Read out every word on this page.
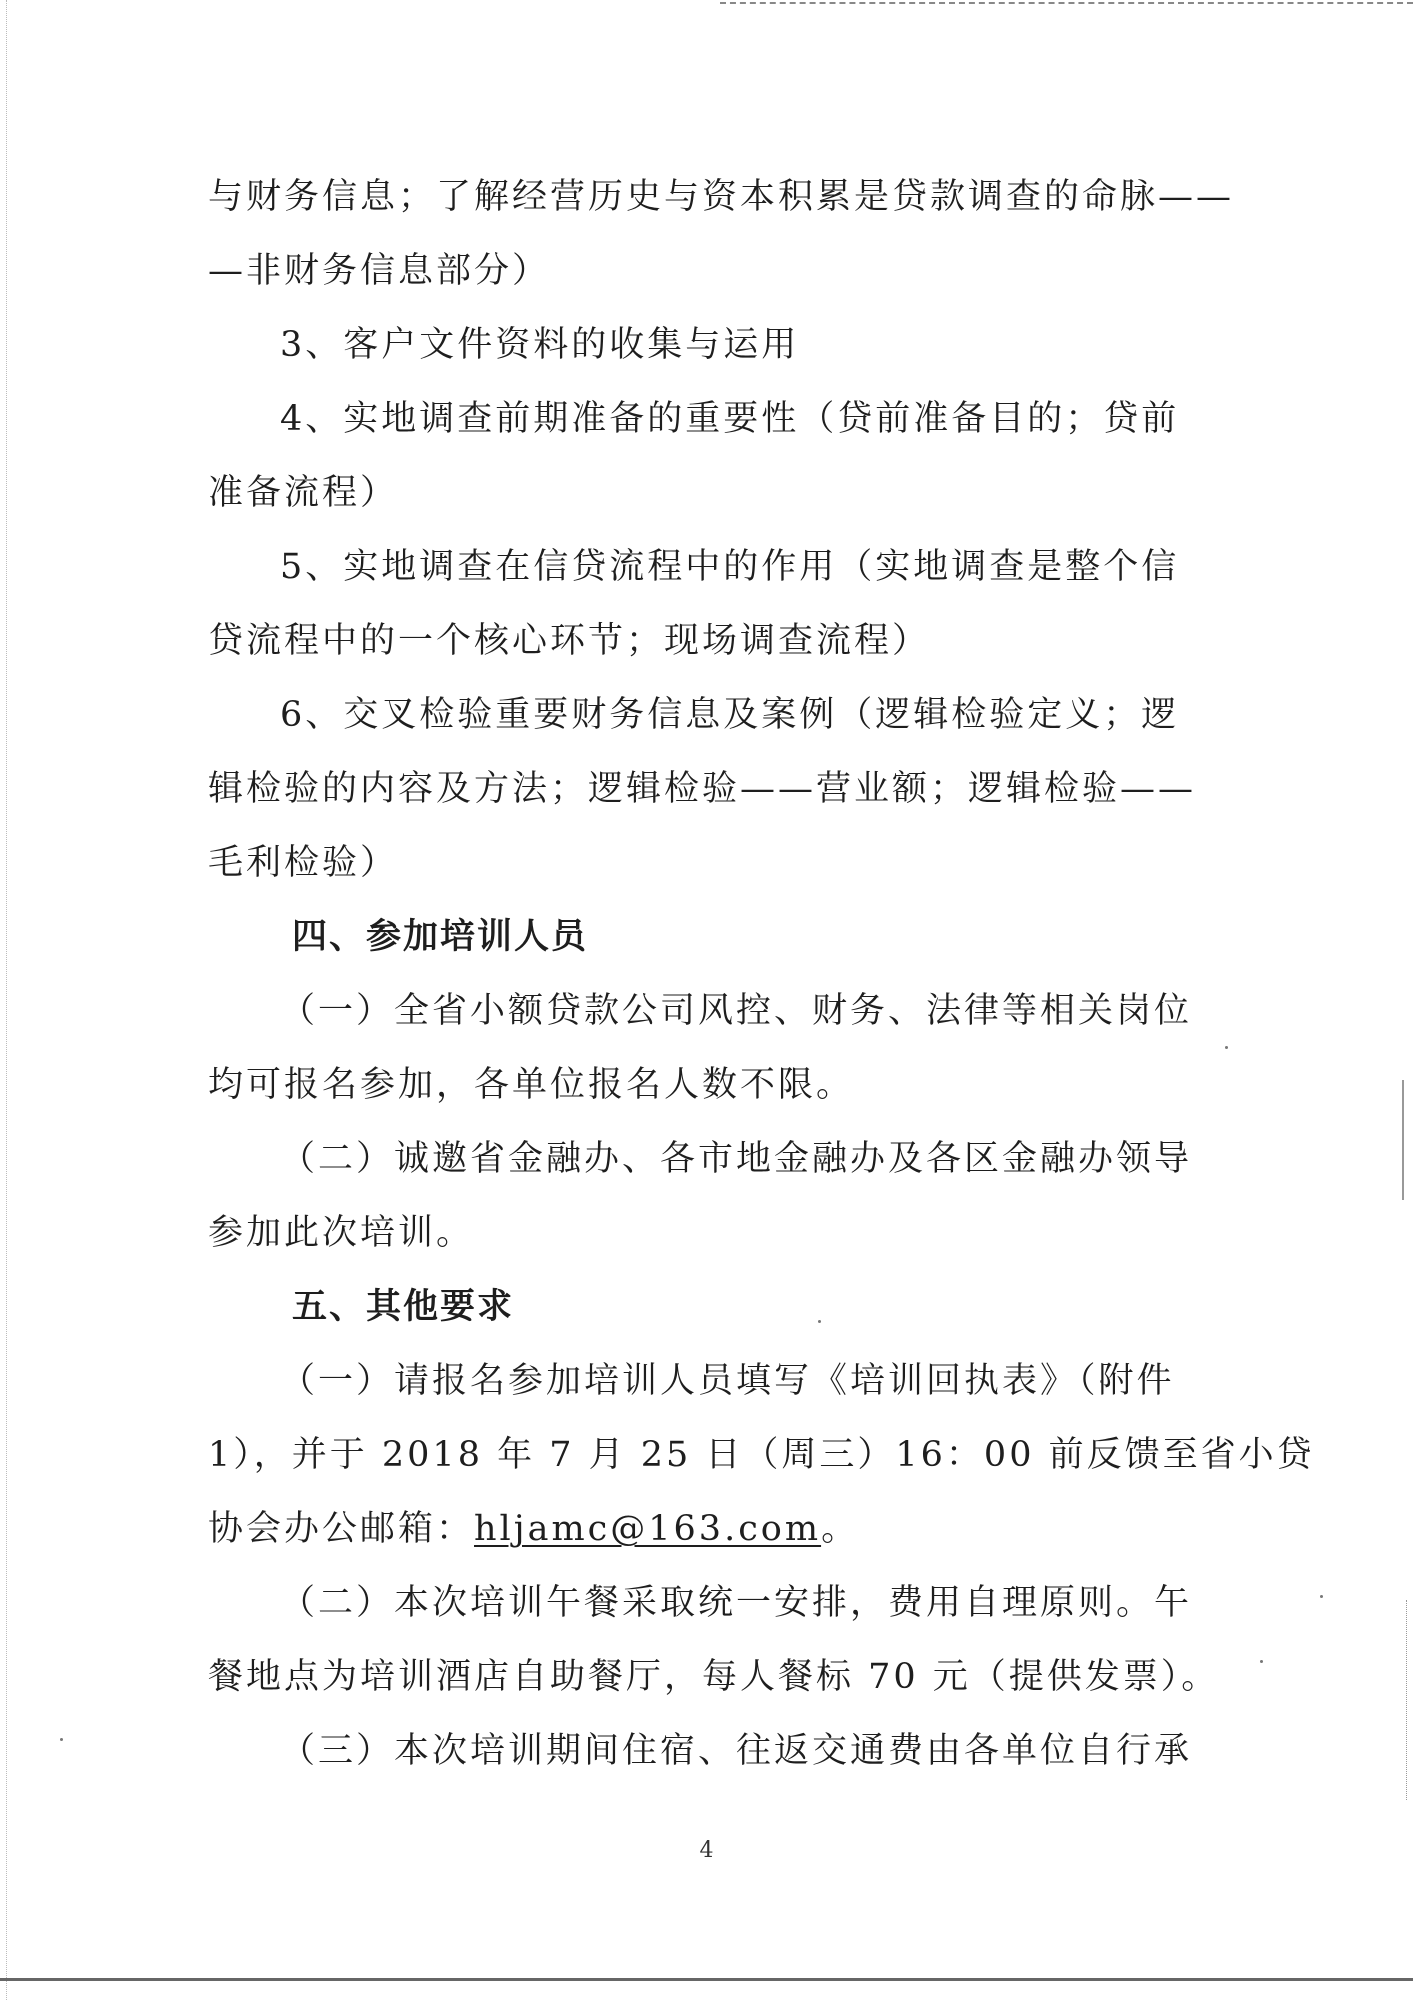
与财务信息；了解经营历史与资本积累是贷款调查的命脉——
—非财务信息部分）
3、客户文件资料的收集与运用
4、实地调查前期准备的重要性（贷前准备目的；贷前
准备流程）
5、实地调查在信贷流程中的作用（实地调查是整个信
贷流程中的一个核心环节；现场调查流程）
6、交叉检验重要财务信息及案例（逻辑检验定义；逻
辑检验的内容及方法；逻辑检验——营业额；逻辑检验——
毛利检验）
四、参加培训人员
（一）全省小额贷款公司风控、财务、法律等相关岗位
均可报名参加，各单位报名人数不限。
（二）诚邀省金融办、各市地金融办及各区金融办领导
参加此次培训。
五、其他要求
（一）请报名参加培训人员填写《培训回执表》（附件
1），并于 2018 年 7 月 25 日（周三）16：00 前反馈至省小贷
协会办公邮箱：hljamc@163.com。
（二）本次培训午餐采取统一安排，费用自理原则。午
餐地点为培训酒店自助餐厅，每人餐标 70 元（提供发票）。
（三）本次培训期间住宿、往返交通费由各单位自行承
4
